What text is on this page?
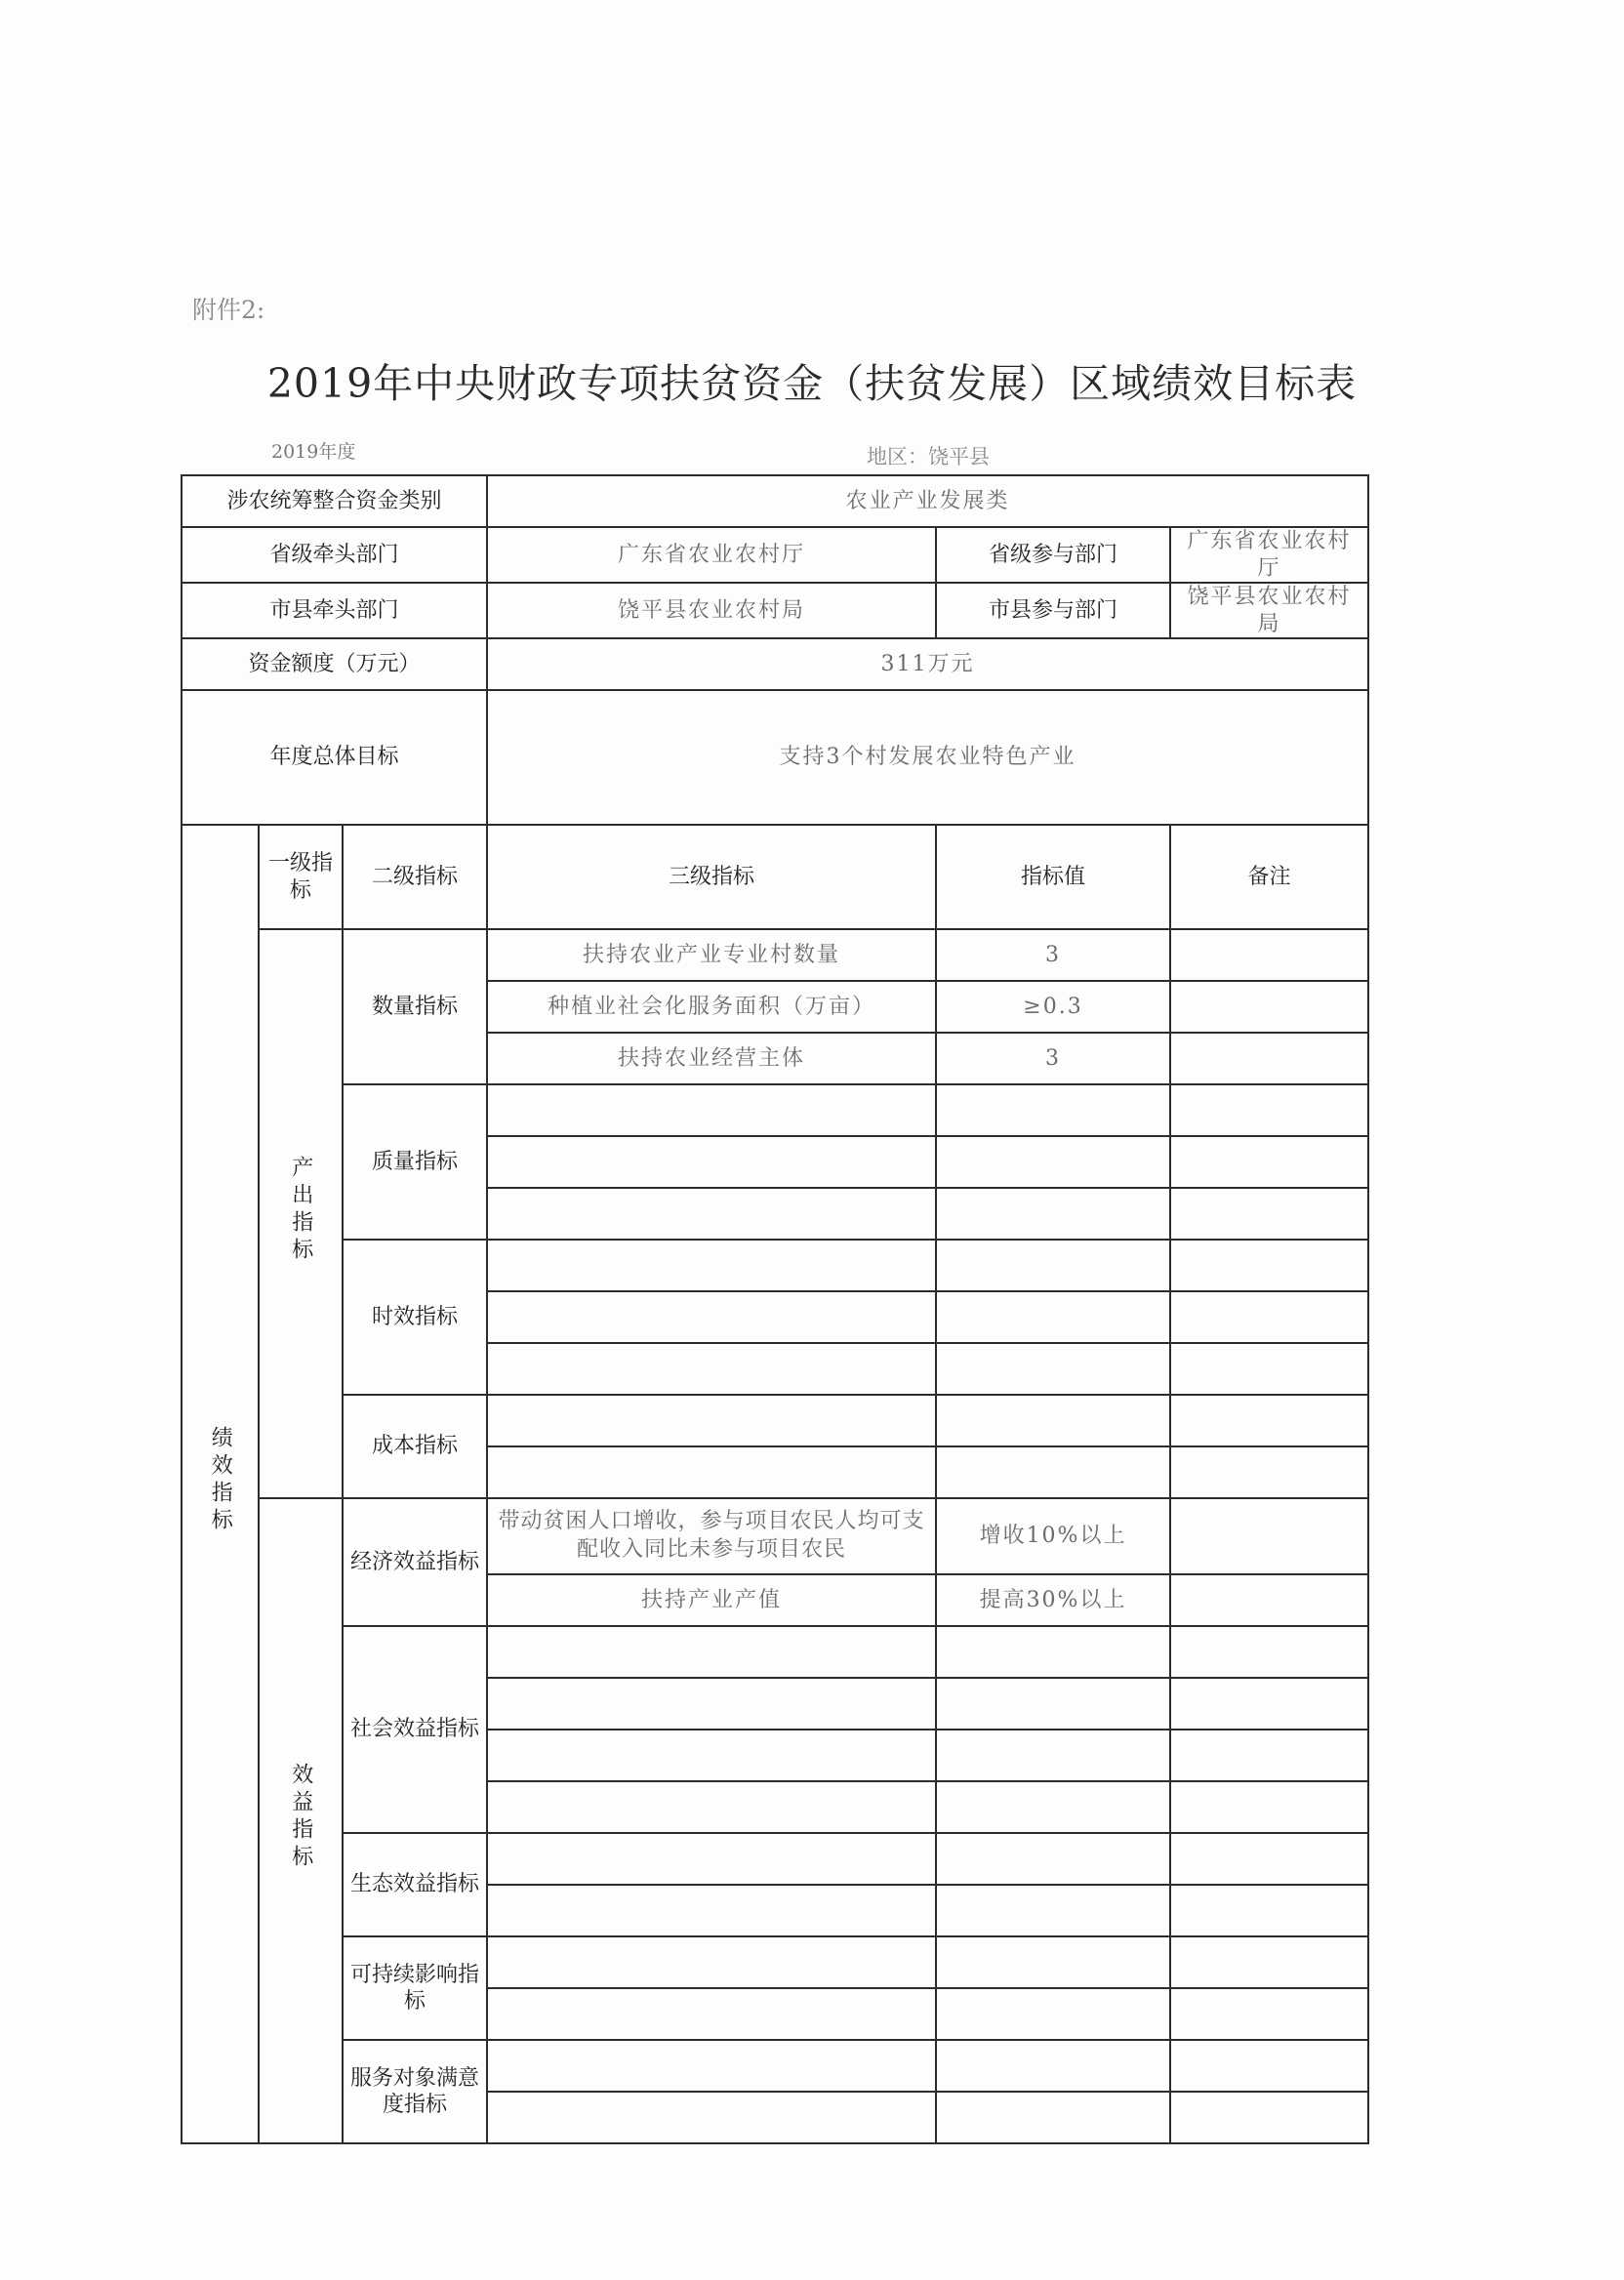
附件2:
2019年中央财政专项扶贫资金（扶贫发展）区域绩效目标表
2019年度	地区：饶平县
涉农统筹整合资金类别			农业产业发展类		
省级牵头部门			广东省农业农村厅	省级参与部门	广东省农业农村厅
市县牵头部门			饶平县农业农村局	市县参与部门	饶平县农业农村局
资金额度（万元）			311万元		
年度总体目标			支持3个村发展农业特色产业		
绩效指标	一级指标	二级指标	三级指标	指标值	备注
	产出指标	数量指标	扶持农业产业专业村数量	3	
			种植业社会化服务面积（万亩）	≥0.3	
			扶持农业经营主体	3	
		质量指标			

		时效指标			

		成本指标			

	效益指标	经济效益指标	带动贫困人口增收，参与项目农民人均可支配收入同比未参与项目农民	增收10%以上	
			扶持产业产值	提高30%以上	
		社会效益指标			

		生态效益指标			

		可持续影响指标			

		服务对象满意度指标			
